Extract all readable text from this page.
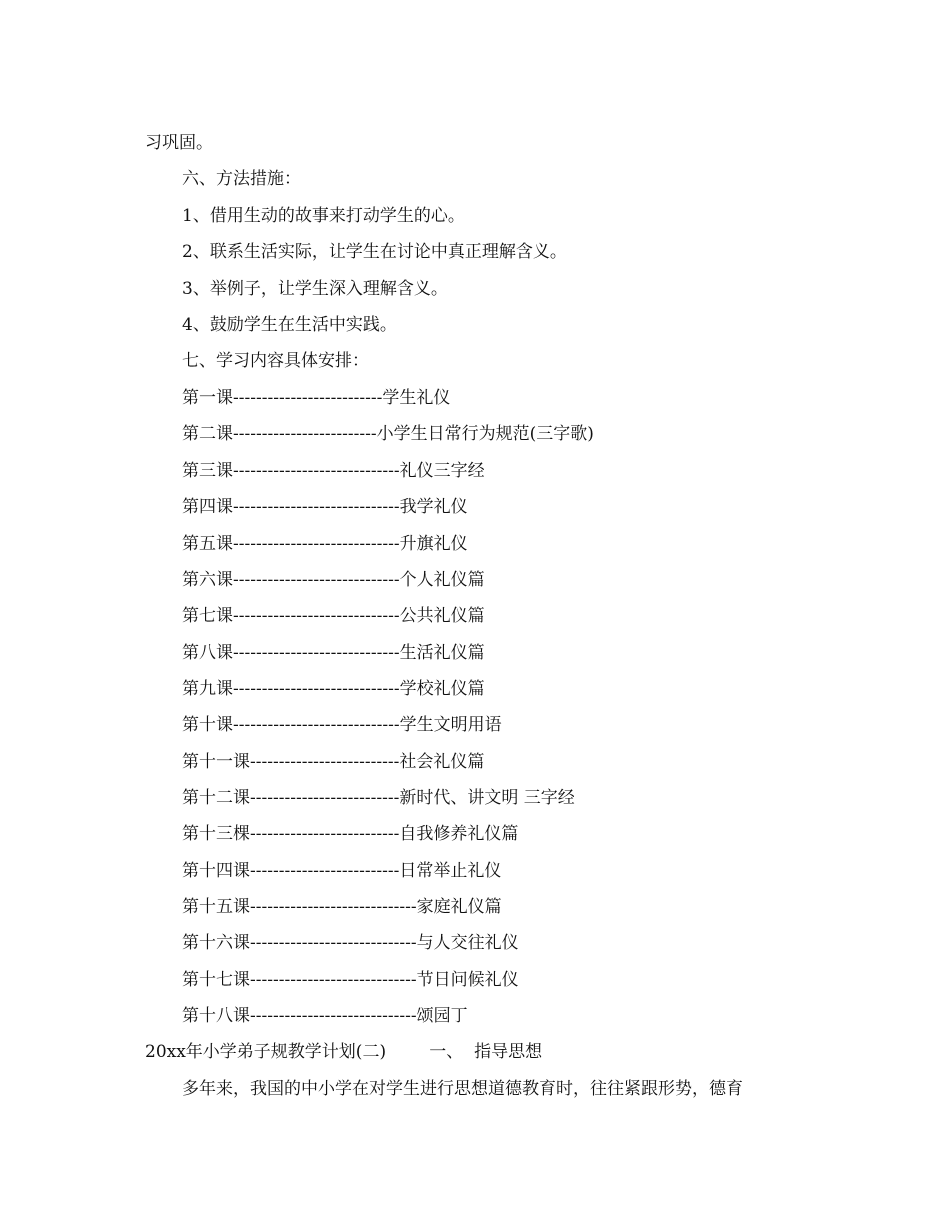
习巩固。
六、方法措施：
1、借用生动的故事来打动学生的心。
2、联系生活实际，让学生在讨论中真正理解含义。
3、举例子，让学生深入理解含义。
4、鼓励学生在生活中实践。
七、学习内容具体安排：
第一课--------------------------学生礼仪
第二课-------------------------小学生日常行为规范(三字歌)
第三课-----------------------------礼仪三字经
第四课-----------------------------我学礼仪
第五课-----------------------------升旗礼仪
第六课-----------------------------个人礼仪篇
第七课-----------------------------公共礼仪篇
第八课-----------------------------生活礼仪篇
第九课-----------------------------学校礼仪篇
第十课-----------------------------学生文明用语
第十一课--------------------------社会礼仪篇
第十二课--------------------------新时代、讲文明 三字经
第十三棵--------------------------自我修养礼仪篇
第十四课--------------------------日常举止礼仪
第十五课-----------------------------家庭礼仪篇
第十六课-----------------------------与人交往礼仪
第十七课-----------------------------节日问候礼仪
第十八课-----------------------------颂园丁
20xx年小学弟子规教学计划(二)        一、  指导思想
多年来，我国的中小学在对学生进行思想道德教育时，往往紧跟形势，德育
